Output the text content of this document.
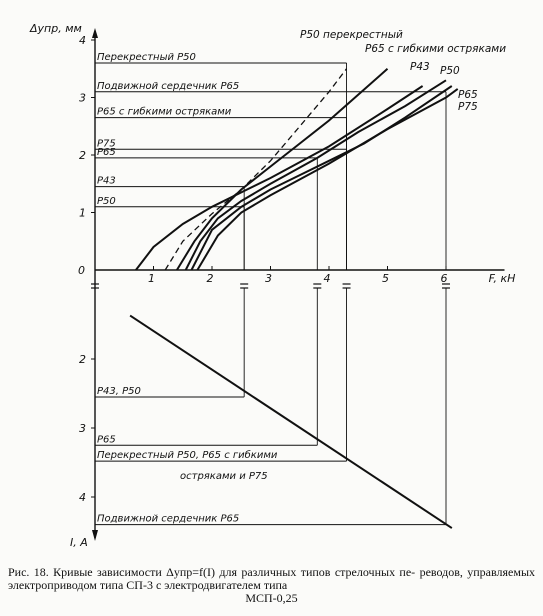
1	2	3	4	5	6
0
F, кН
1
2
3
4
Δупр, мм
2
3
4
I, A
Перекрестный P50
Подвижной сердечник P65
P65 с гибкими остряками
P75
P65
P43
P50
P43, P50
P65
Перекрестный P50, P65 с гибкими
остряками и P75
Подвижной сердечник P65
P50 перекрестный
P65 с гибкими остряками
P43 P50
P65
P75
Рис. 18. Кривые зависимости Δупр=f(I) для различных типов стрелочных пе- реводов, управляемых электроприводом типа СП-3 с электродвигателем типа
МСП-0,25
